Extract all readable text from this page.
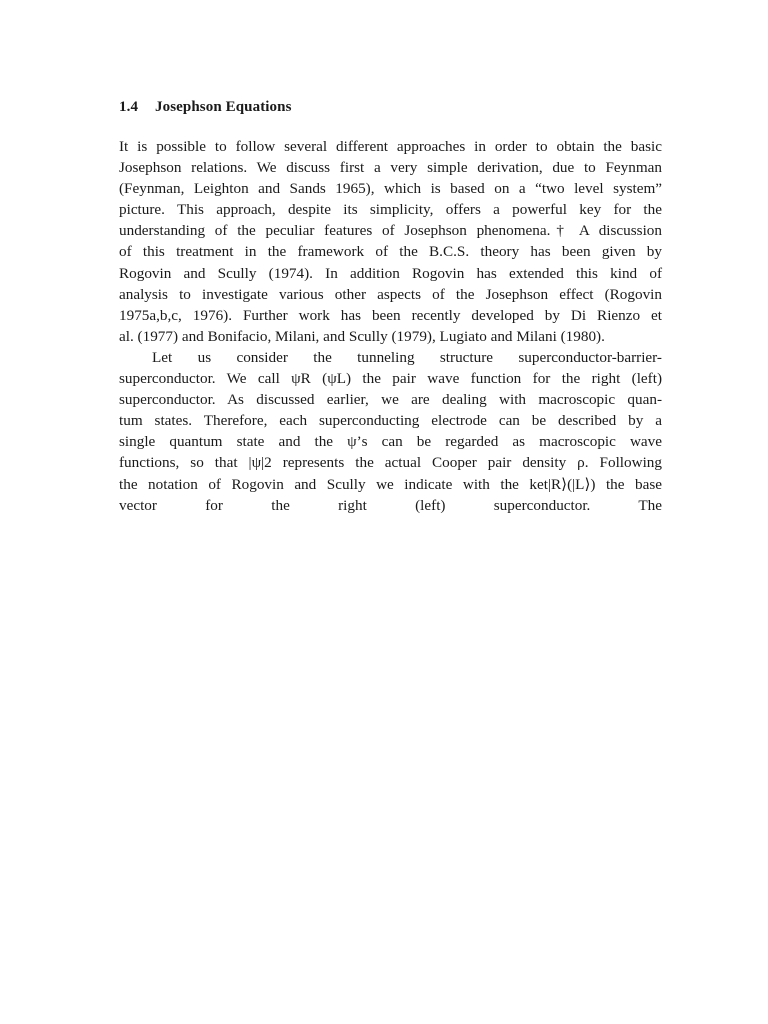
1.4 Josephson Equations
It is possible to follow several different approaches in order to obtain the basic
Josephson relations. We discuss first a very simple derivation, due to Feynman
(Feynman, Leighton and Sands 1965), which is based on a “two level system”
picture. This approach, despite its simplicity, offers a powerful key for the
understanding of the peculiar features of Josephson phenomena.† A discussion
of this treatment in the framework of the B.C.S. theory has been given by
Rogovin and Scully (1974). In addition Rogovin has extended this kind of
analysis to investigate various other aspects of the Josephson effect (Rogovin
1975a,b,c, 1976). Further work has been recently developed by Di Rienzo et
al. (1977) and Bonifacio, Milani, and Scully (1979), Lugiato and Milani (1980).
Let us consider the tunneling structure superconductor-barrier-
superconductor. We call ψR (ψL) the pair wave function for the right (left)
superconductor. As discussed earlier, we are dealing with macroscopic quan-
tum states. Therefore, each superconducting electrode can be described by a
single quantum state and the ψ’s can be regarded as macroscopic wave
functions, so that |ψ|2 represents the actual Cooper pair density ρ. Following
the notation of Rogovin and Scully we indicate with the ket|R⟩(|L⟩) the base
vector for the right (left) superconductor. The
